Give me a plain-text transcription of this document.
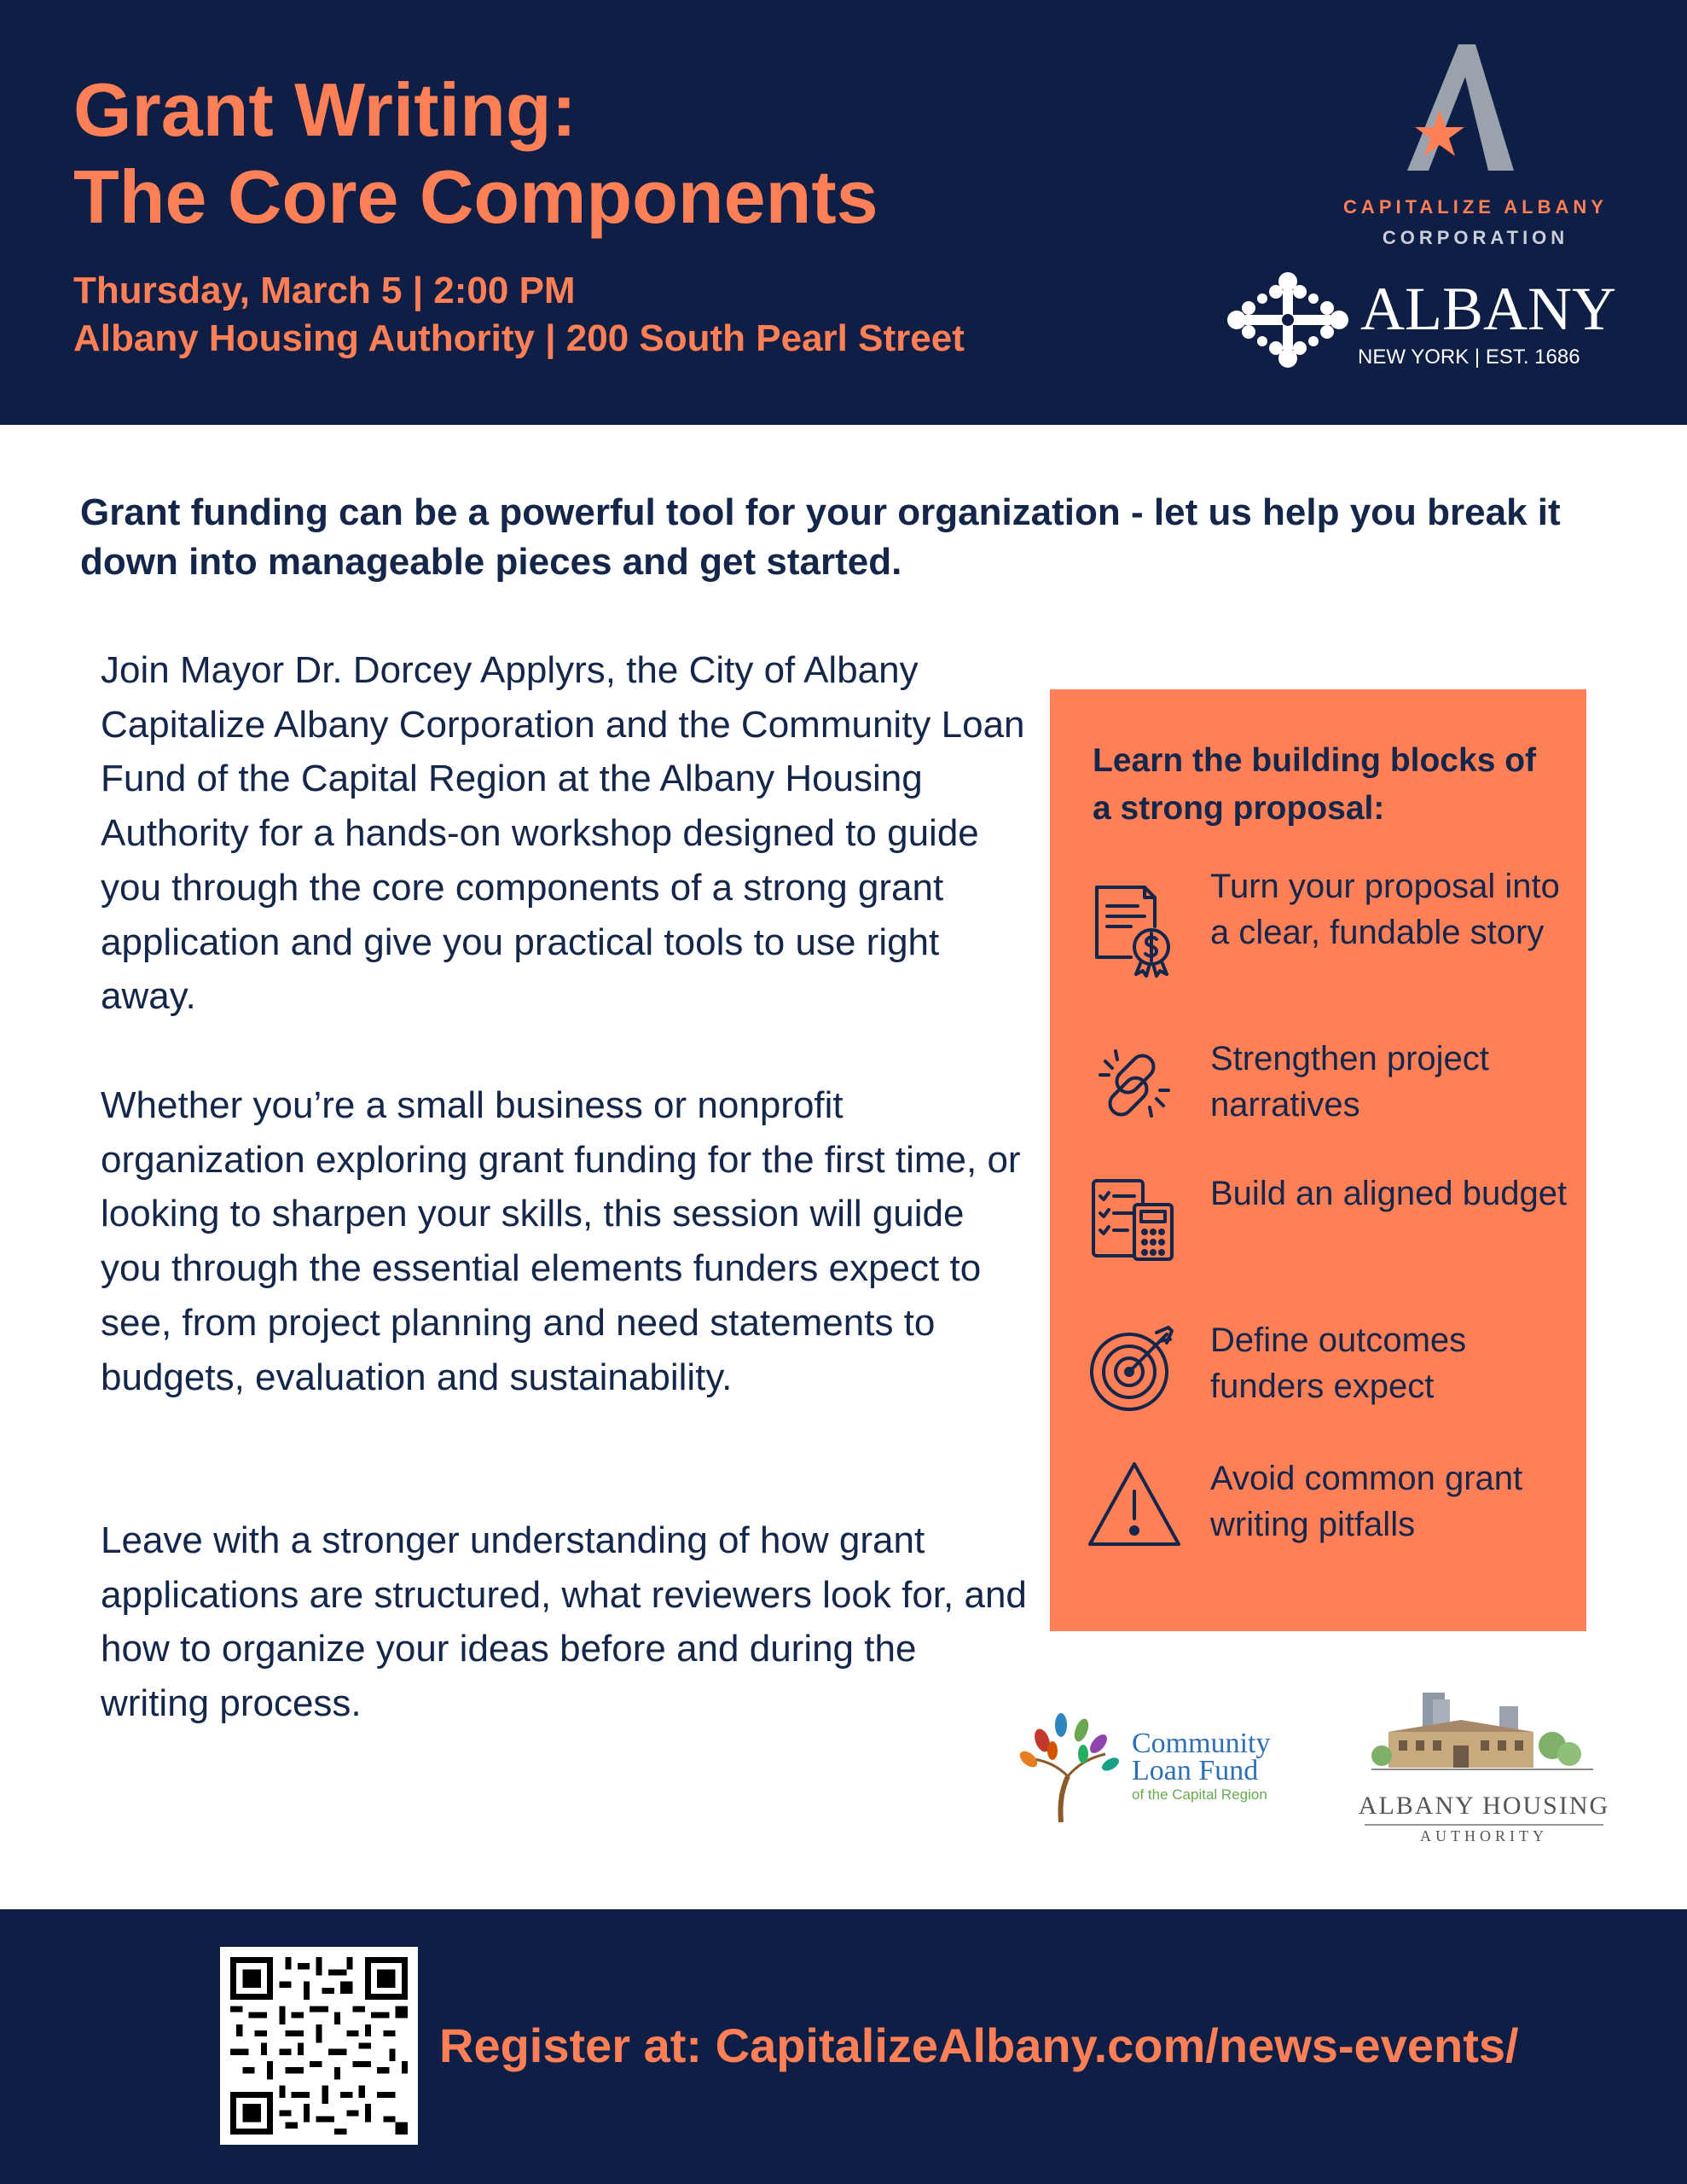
Grant Writing:
The Core Components
Thursday, March 5 | 2:00 PM
Albany Housing Authority | 200 South Pearl Street
CAPITALIZE ALBANY
CORPORATION
ALBANY
NEW YORK | EST. 1686

Grant funding can be a powerful tool for your organization - let us help you break it down into manageable pieces and get started.

Join Mayor Dr. Dorcey Applyrs, the City of Albany Capitalize Albany Corporation and the Community Loan Fund of the Capital Region at the Albany Housing Authority for a hands-on workshop designed to guide you through the core components of a strong grant application and give you practical tools to use right away.

Whether you’re a small business or nonprofit organization exploring grant funding for the first time, or looking to sharpen your skills, this session will guide you through the essential elements funders expect to see, from project planning and need statements to budgets, evaluation and sustainability.

Leave with a stronger understanding of how grant applications are structured, what reviewers look for, and how to organize your ideas before and during the writing process.

Learn the building blocks of a strong proposal:

Turn your proposal into a clear, fundable story
Strengthen project narratives
Build an aligned budget
Define outcomes funders expect
Avoid common grant writing pitfalls
Community
Loan Fund
of the Capital Region	ALBANY HOUSING
AUTHORITY
Register at: CapitalizeAlbany.com/news-events/
